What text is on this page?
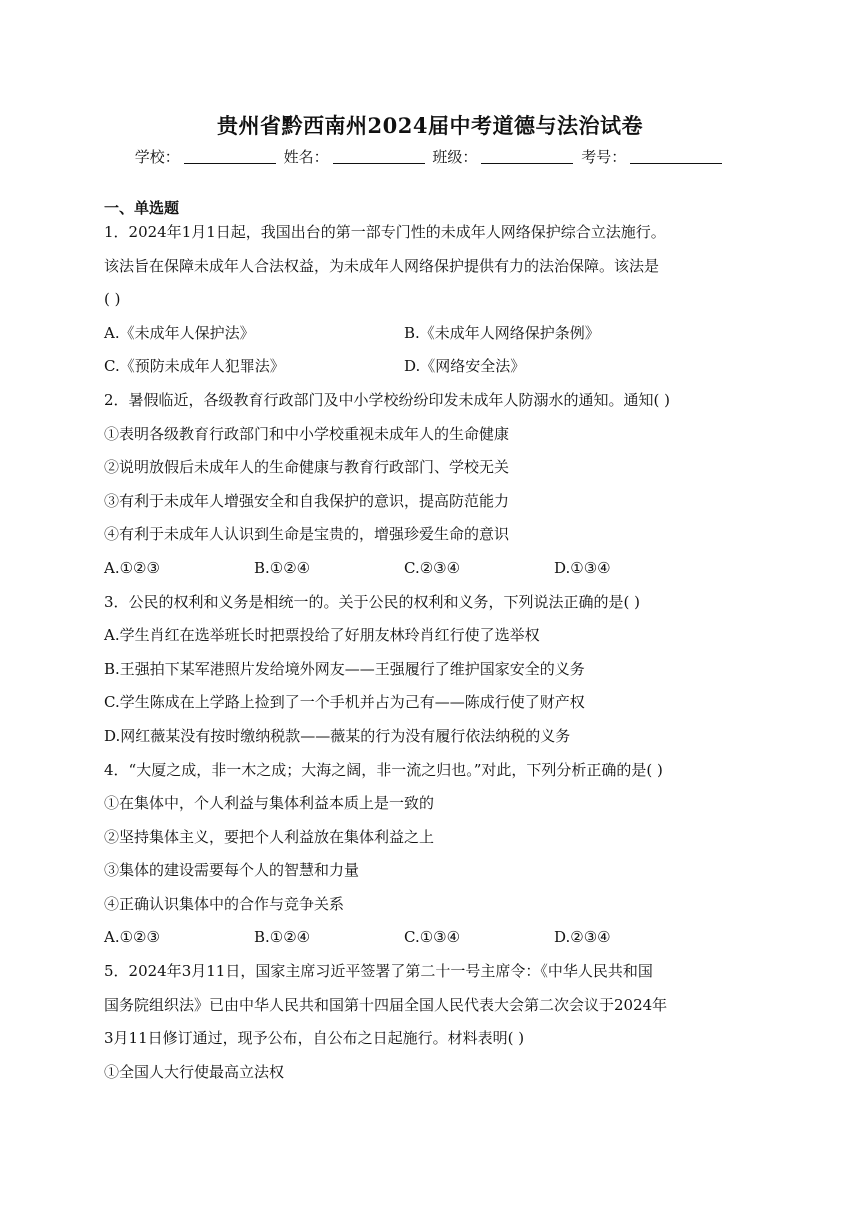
贵州省黔西南州2024届中考道德与法治试卷
学校：	姓名：	班级：	考号：
一、单选题
1．2024年1月1日起，我国出台的第一部专门性的未成年人网络保护综合立法施行。
该法旨在保障未成年人合法权益，为未成年人网络保护提供有力的法治保障。该法是
( )
A.《未成年人保护法》	B.《未成年人网络保护条例》
C.《预防未成年人犯罪法》	D.《网络安全法》
2．暑假临近，各级教育行政部门及中小学校纷纷印发未成年人防溺水的通知。通知( )
①表明各级教育行政部门和中小学校重视未成年人的生命健康
②说明放假后未成年人的生命健康与教育行政部门、学校无关
③有利于未成年人增强安全和自我保护的意识，提高防范能力
④有利于未成年人认识到生命是宝贵的，增强珍爱生命的意识
A.①②③	B.①②④	C.②③④	D.①③④
3．公民的权利和义务是相统一的。关于公民的权利和义务，下列说法正确的是( )
A.学生肖红在选举班长时把票投给了好朋友林玲肖红行使了选举权
B.王强拍下某军港照片发给境外网友——王强履行了维护国家安全的义务
C.学生陈成在上学路上捡到了一个手机并占为己有——陈成行使了财产权
D.网红薇某没有按时缴纳税款——薇某的行为没有履行依法纳税的义务
4．“大厦之成，非一木之成；大海之阔，非一流之归也。”对此，下列分析正确的是( )
①在集体中，个人利益与集体利益本质上是一致的
②坚持集体主义，要把个人利益放在集体利益之上
③集体的建设需要每个人的智慧和力量
④正确认识集体中的合作与竞争关系
A.①②③	B.①②④	C.①③④	D.②③④
5．2024年3月11日，国家主席习近平签署了第二十一号主席令：《中华人民共和国
国务院组织法》已由中华人民共和国第十四届全国人民代表大会第二次会议于2024年
3月11日修订通过，现予公布，自公布之日起施行。材料表明( )
①全国人大行使最高立法权
